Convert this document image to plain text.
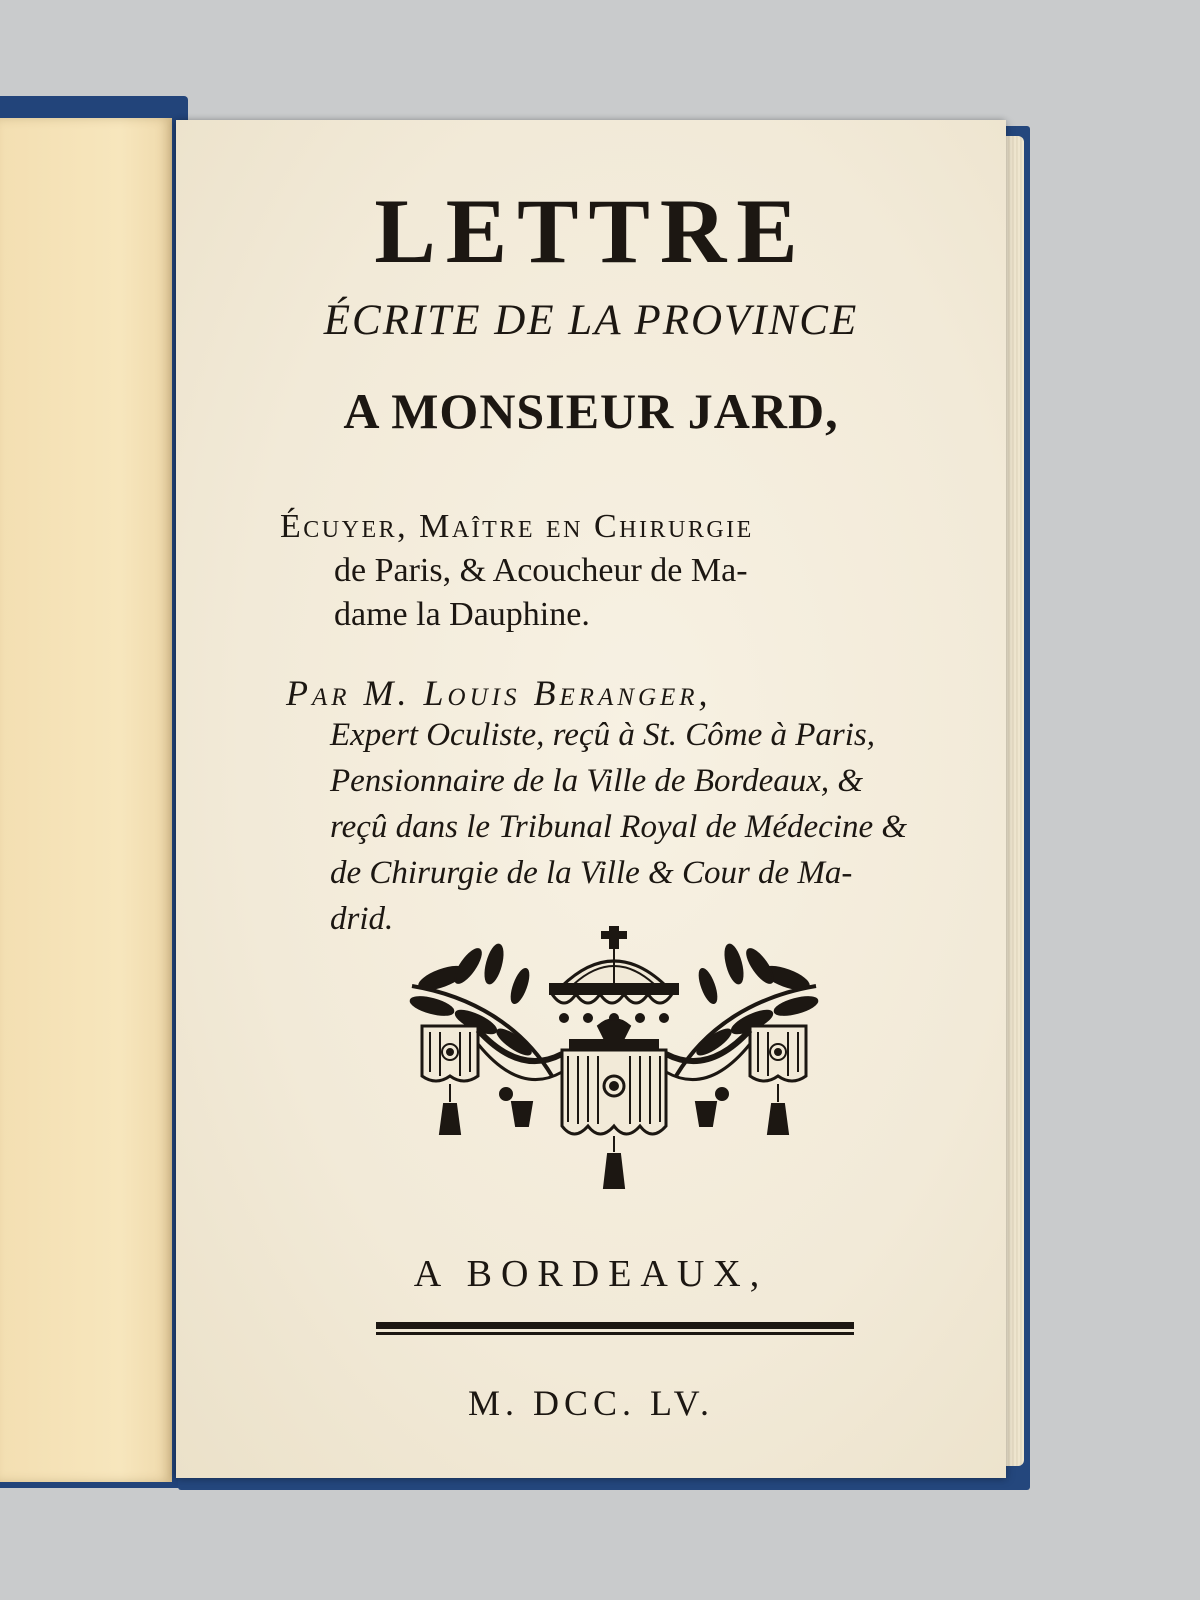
LETTRE

ÉCRITE DE LA PROVINCE

A MONSIEUR JARD,

Écuyer, Maître en Chirurgie

de Paris, & Acoucheur de Ma-

dame la Dauphine.

Par M. Louis Beranger,

Expert Oculiste, reçû à St. Côme à Paris,

Pensionnaire de la Ville de Bordeaux, &

reçû dans le Tribunal Royal de Médecine &

de Chirurgie de la Ville & Cour de Ma-

drid.

A BORDEAUX,

M. DCC. LV.
